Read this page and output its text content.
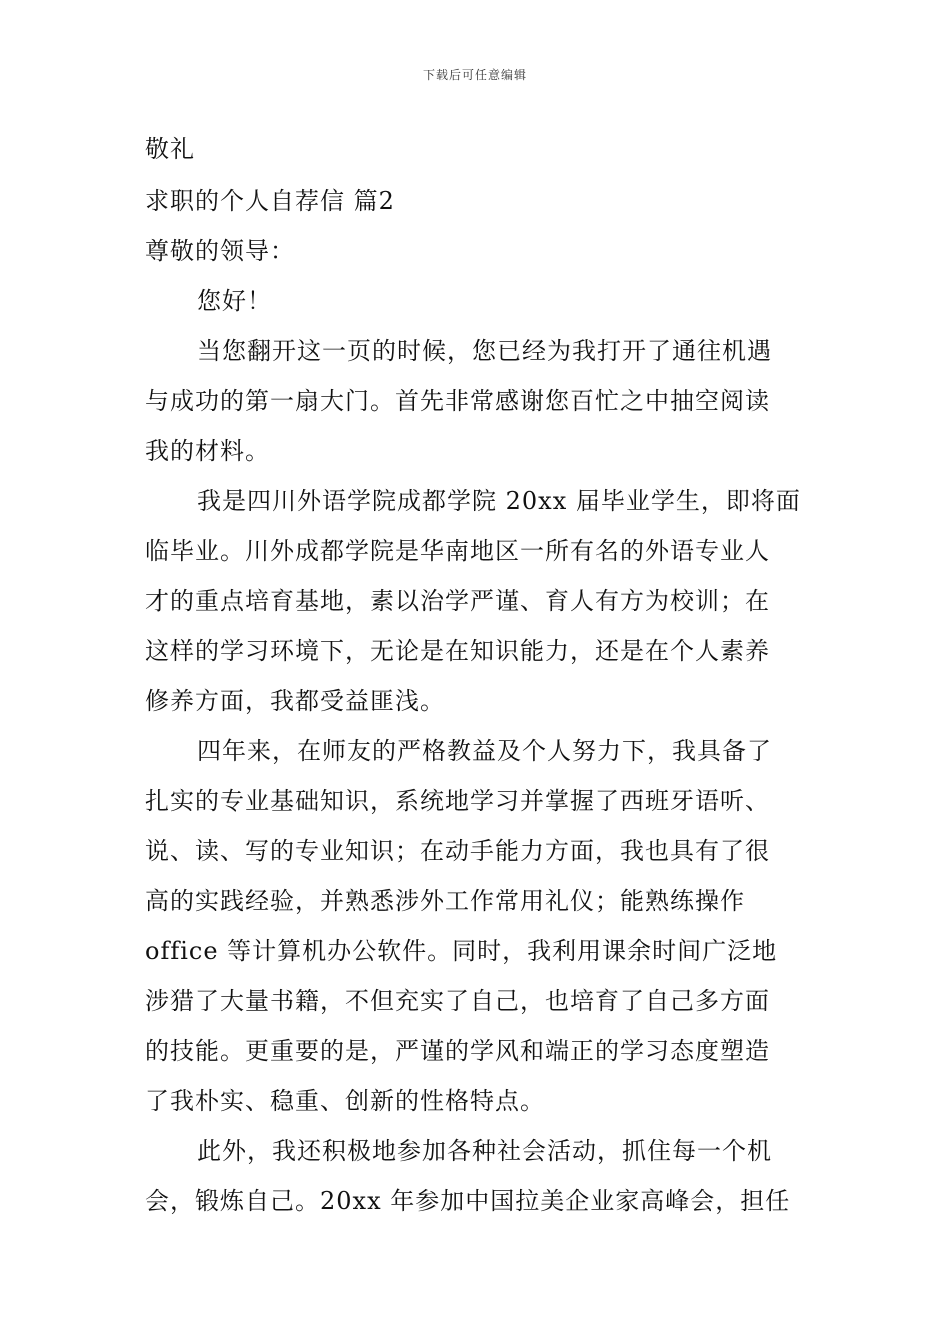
下载后可任意编辑
敬礼
求职的个人自荐信 篇2
尊敬的领导：
您好！
当您翻开这一页的时候，您已经为我打开了通往机遇
与成功的第一扇大门。首先非常感谢您百忙之中抽空阅读
我的材料。
我是四川外语学院成都学院 20xx 届毕业学生，即将面
临毕业。川外成都学院是华南地区一所有名的外语专业人
才的重点培育基地，素以治学严谨、育人有方为校训；在
这样的学习环境下，无论是在知识能力，还是在个人素养
修养方面，我都受益匪浅。
四年来，在师友的严格教益及个人努力下，我具备了
扎实的专业基础知识，系统地学习并掌握了西班牙语听、
说、读、写的专业知识；在动手能力方面，我也具有了很
高的实践经验，并熟悉涉外工作常用礼仪；能熟练操作
office 等计算机办公软件。同时，我利用课余时间广泛地
涉猎了大量书籍，不但充实了自己，也培育了自己多方面
的技能。更重要的是，严谨的学风和端正的学习态度塑造
了我朴实、稳重、创新的性格特点。
此外，我还积极地参加各种社会活动，抓住每一个机
会，锻炼自己。20xx 年参加中国拉美企业家高峰会，担任
